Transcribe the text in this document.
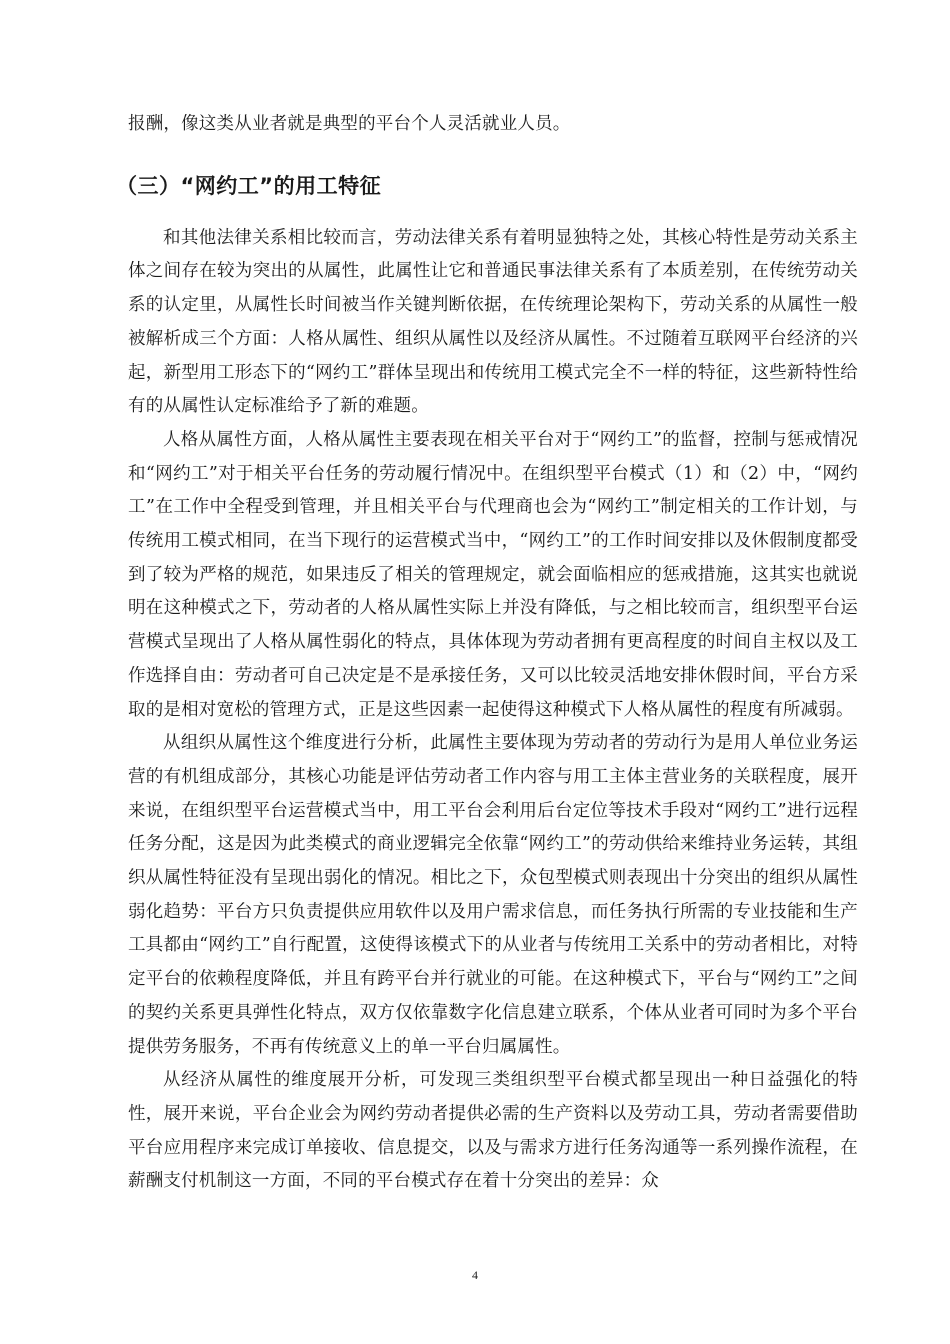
报酬，像这类从业者就是典型的平台个人灵活就业人员。

（三）“网约工”的用工特征

和其他法律关系相比较而言，劳动法律关系有着明显独特之处，其核心特性是劳动关系主体之间存在较为突出的从属性，此属性让它和普通民事法律关系有了本质差别，在传统劳动关系的认定里，从属性长时间被当作关键判断依据，在传统理论架构下，劳动关系的从属性一般被解析成三个方面：人格从属性、组织从属性以及经济从属性。不过随着互联网平台经济的兴起，新型用工形态下的“网约工”群体呈现出和传统用工模式完全不一样的特征，这些新特性给有的从属性认定标准给予了新的难题。

人格从属性方面，人格从属性主要表现在相关平台对于“网约工”的监督，控制与惩戒情况和“网约工”对于相关平台任务的劳动履行情况中。在组织型平台模式（1）和（2）中，“网约工”在工作中全程受到管理，并且相关平台与代理商也会为“网约工”制定相关的工作计划，与传统用工模式相同，在当下现行的运营模式当中，“网约工”的工作时间安排以及休假制度都受到了较为严格的规范，如果违反了相关的管理规定，就会面临相应的惩戒措施，这其实也就说明在这种模式之下，劳动者的人格从属性实际上并没有降低，与之相比较而言，组织型平台运营模式呈现出了人格从属性弱化的特点，具体体现为劳动者拥有更高程度的时间自主权以及工作选择自由：劳动者可自己决定是不是承接任务，又可以比较灵活地安排休假时间，平台方采取的是相对宽松的管理方式，正是这些因素一起使得这种模式下人格从属性的程度有所减弱。

从组织从属性这个维度进行分析，此属性主要体现为劳动者的劳动行为是用人单位业务运营的有机组成部分，其核心功能是评估劳动者工作内容与用工主体主营业务的关联程度，展开来说，在组织型平台运营模式当中，用工平台会利用后台定位等技术手段对“网约工”进行远程任务分配，这是因为此类模式的商业逻辑完全依靠“网约工”的劳动供给来维持业务运转，其组织从属性特征没有呈现出弱化的情况。相比之下，众包型模式则表现出十分突出的组织从属性弱化趋势：平台方只负责提供应用软件以及用户需求信息，而任务执行所需的专业技能和生产工具都由“网约工”自行配置，这使得该模式下的从业者与传统用工关系中的劳动者相比，对特定平台的依赖程度降低，并且有跨平台并行就业的可能。在这种模式下，平台与“网约工”之间的契约关系更具弹性化特点，双方仅依靠数字化信息建立联系，个体从业者可同时为多个平台提供劳务服务，不再有传统意义上的单一平台归属属性。

从经济从属性的维度展开分析，可发现三类组织型平台模式都呈现出一种日益强化的特性，展开来说，平台企业会为网约劳动者提供必需的生产资料以及劳动工具，劳动者需要借助平台应用程序来完成订单接收、信息提交，以及与需求方进行任务沟通等一系列操作流程，在薪酬支付机制这一方面，不同的平台模式存在着十分突出的差异：众

4
